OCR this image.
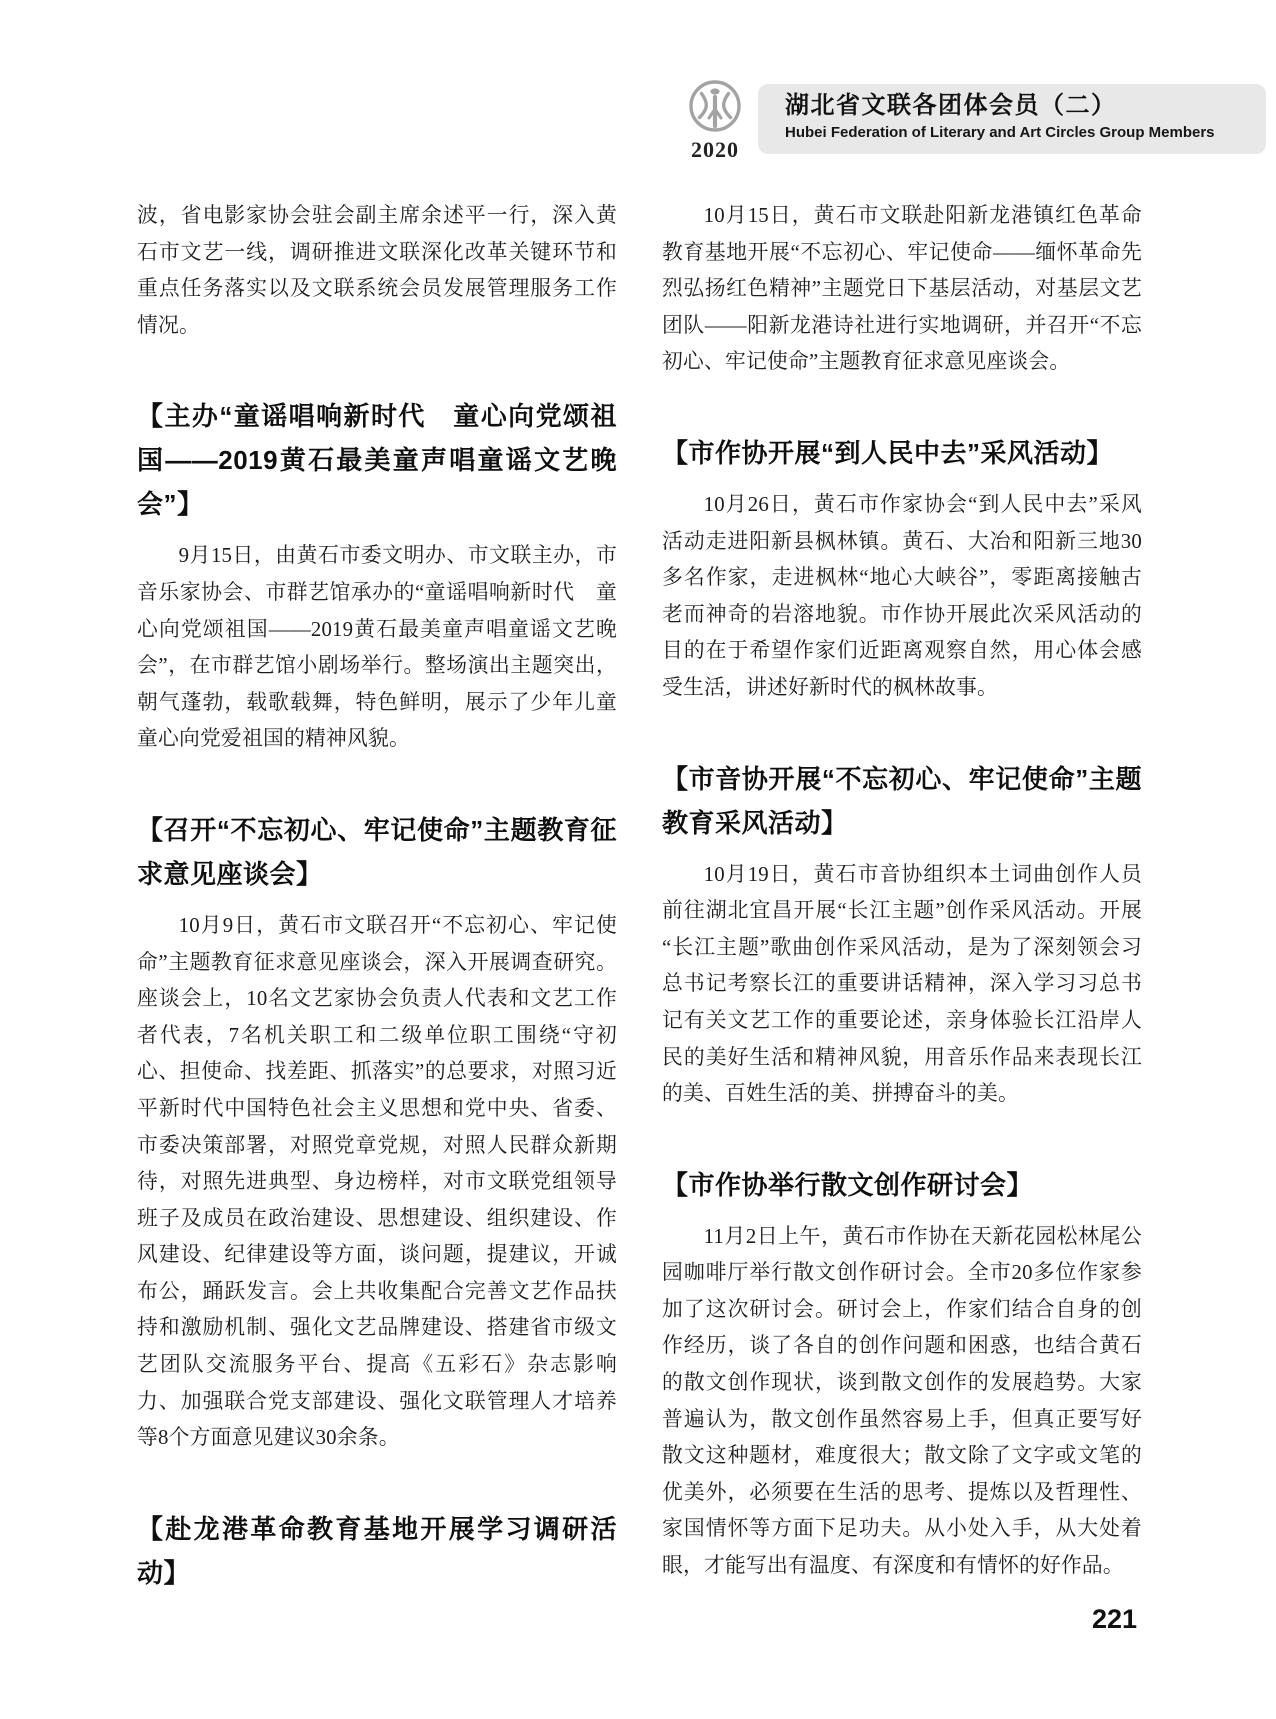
2020
湖北省文联各团体会员（二）
Hubei Federation of Literary and Art Circles Group Members

波，省电影家协会驻会副主席余述平一行，深入黄石市文艺一线，调研推进文联深化改革关键环节和重点任务落实以及文联系统会员发展管理服务工作情况。

【主办“童谣唱响新时代　童心向党颂祖国——2019黄石最美童声唱童谣文艺晚会”】

9月15日，由黄石市委文明办、市文联主办，市音乐家协会、市群艺馆承办的“童谣唱响新时代　童心向党颂祖国——2019黄石最美童声唱童谣文艺晚会”，在市群艺馆小剧场举行。整场演出主题突出，朝气蓬勃，载歌载舞，特色鲜明，展示了少年儿童童心向党爱祖国的精神风貌。

【召开“不忘初心、牢记使命”主题教育征求意见座谈会】

10月9日，黄石市文联召开“不忘初心、牢记使命”主题教育征求意见座谈会，深入开展调查研究。座谈会上，10名文艺家协会负责人代表和文艺工作者代表，7名机关职工和二级单位职工围绕“守初心、担使命、找差距、抓落实”的总要求，对照习近平新时代中国特色社会主义思想和党中央、省委、市委决策部署，对照党章党规，对照人民群众新期待，对照先进典型、身边榜样，对市文联党组领导班子及成员在政治建设、思想建设、组织建设、作风建设、纪律建设等方面，谈问题，提建议，开诚布公，踊跃发言。会上共收集配合完善文艺作品扶持和激励机制、强化文艺品牌建设、搭建省市级文艺团队交流服务平台、提高《五彩石》杂志影响力、加强联合党支部建设、强化文联管理人才培养等8个方面意见建议30余条。

【赴龙港革命教育基地开展学习调研活动】

10月15日，黄石市文联赴阳新龙港镇红色革命教育基地开展“不忘初心、牢记使命——缅怀革命先烈弘扬红色精神”主题党日下基层活动，对基层文艺团队——阳新龙港诗社进行实地调研，并召开“不忘初心、牢记使命”主题教育征求意见座谈会。

【市作协开展“到人民中去”采风活动】

10月26日，黄石市作家协会“到人民中去”采风活动走进阳新县枫林镇。黄石、大冶和阳新三地30多名作家，走进枫林“地心大峡谷”，零距离接触古老而神奇的岩溶地貌。市作协开展此次采风活动的目的在于希望作家们近距离观察自然，用心体会感受生活，讲述好新时代的枫林故事。

【市音协开展“不忘初心、牢记使命”主题教育采风活动】

10月19日，黄石市音协组织本土词曲创作人员前往湖北宜昌开展“长江主题”创作采风活动。开展“长江主题”歌曲创作采风活动，是为了深刻领会习总书记考察长江的重要讲话精神，深入学习习总书记有关文艺工作的重要论述，亲身体验长江沿岸人民的美好生活和精神风貌，用音乐作品来表现长江的美、百姓生活的美、拼搏奋斗的美。

【市作协举行散文创作研讨会】

11月2日上午，黄石市作协在天新花园松林尾公园咖啡厅举行散文创作研讨会。全市20多位作家参加了这次研讨会。研讨会上，作家们结合自身的创作经历，谈了各自的创作问题和困惑，也结合黄石的散文创作现状，谈到散文创作的发展趋势。大家普遍认为，散文创作虽然容易上手，但真正要写好散文这种题材，难度很大；散文除了文字或文笔的优美外，必须要在生活的思考、提炼以及哲理性、家国情怀等方面下足功夫。从小处入手，从大处着眼，才能写出有温度、有深度和有情怀的好作品。

221
